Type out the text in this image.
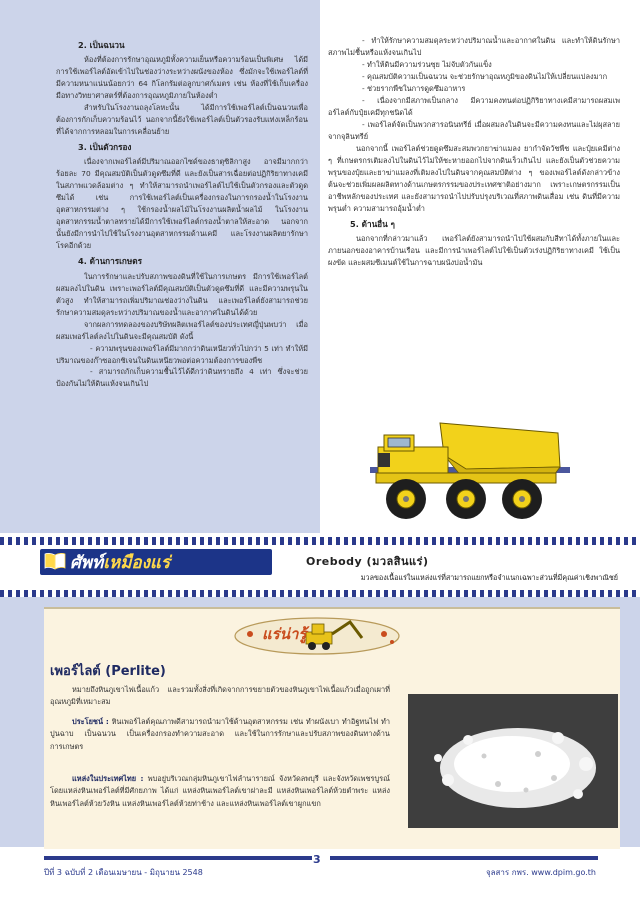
2. เป็นฉนวน

ห้องที่ต้องการรักษาอุณหภูมิทั้งความเย็นหรือความร้อนเป็นพิเศษ ได้มีการใช้เพอร์ไลต์อัดเข้าไปในช่องว่างระหว่างผนังของห้อง ซึ่งมักจะใช้เพอร์ไลต์ที่มีความหนาแน่นน้อยกว่า 64 กิโลกรัมต่อลูกบาศก์เมตร เช่น ห้องที่ใช้เก็บเครื่องมือทางวิทยาศาสตร์ที่ต้องการอุณหภูมิภายในห้องต่ำ

สำหรับในโรงงานถลุงโลหะนั้น ได้มีการใช้เพอร์ไลต์เป็นฉนวนเพื่อต้องการกักเก็บความร้อนไว้ นอกจากนี้ยังใช้เพอร์ไลต์เป็นตัวรองรับแท่งเหล็กร้อนที่ได้จากการหลอมในการเคลื่อนย้าย

3. เป็นตัวกรอง

เนื่องจากเพอร์ไลต์มีปริมาณออกไซด์ของธาตุซิลิกาสูง อาจมีมากกว่าร้อยละ 70 มีคุณสมบัติเป็นตัวดูดซึมที่ดี และยังเป็นสารเฉื่อยต่อปฏิกิริยาทางเคมีในสภาพแวดล้อมต่าง ๆ ทำให้สามารถนำเพอร์ไลต์ไปใช้เป็นตัวกรองและตัวดูดซึมได้ เช่น การใช้เพอร์ไลต์เป็นเครื่องกรองในการกรองน้ำในโรงงานอุตสาหกรรมต่าง ๆ ใช้กรองน้ำผลไม้ในโรงงานผลิตน้ำผลไม้ ในโรงงานอุตสาหกรรมน้ำตาลทรายได้มีการใช้เพอร์ไลต์กรองน้ำตาลให้สะอาด นอกจากนั้นยังมีการนำไปใช้ในโรงงานอุตสาหกรรมด้านเคมี และโรงงานผลิตยารักษาโรคอีกด้วย

4. ด้านการเกษตร

ในการรักษาและปรับสภาพของดินที่ใช้ในการเกษตร มีการใช้เพอร์ไลต์ผสมลงไปในดิน เพราะเพอร์ไลต์มีคุณสมบัติเป็นตัวดูดซึมที่ดี และมีความพรุนในตัวสูง ทำให้สามารถเพิ่มปริมาณช่องว่างในดิน และเพอร์ไลต์ยังสามารถช่วยรักษาความสมดุลระหว่างปริมาณของน้ำและอากาศในดินได้ด้วย

จากผลการทดลองของบริษัทผลิตเพอร์ไลต์ของประเทศญี่ปุ่นพบว่า เมื่อผสมเพอร์ไลต์ลงไปในดินจะมีคุณสมบัติ ดังนี้

- ความพรุนของเพอร์ไลต์มีมากกว่าดินเหนียวทั่วไปกว่า 5 เท่า ทำให้มีปริมาณของก๊าซออกซิเจนในดินเหนียวพอต่อความต้องการของพืช

- สามารถกักเก็บความชื้นไว้ได้ดีกว่าดินทรายถึง 4 เท่า ซึ่งจะช่วยป้องกันไม่ให้ดินแห้งจนเกินไป

- ทำให้รักษาความสมดุลระหว่างปริมาณน้ำและอากาศในดิน และทำให้ดินรักษาสภาพไม่ชื้นหรือแห้งจนเกินไป

- ทำให้ดินมีความร่วนซุย ไม่จับตัวกันแข็ง

- คุณสมบัติความเป็นฉนวน จะช่วยรักษาอุณหภูมิของดินไม่ให้เปลี่ยนแปลงมาก

- ช่วยรากพืชในการดูดซึมอาหาร

- เนื่องจากมีสภาพเป็นกลาง มีความคงทนต่อปฏิกิริยาทางเคมีสามารถผสมเพอร์ไลต์กับปุ๋ยเคมีทุกชนิดได้

- เพอร์ไลต์จัดเป็นพวกสารอนินทรีย์ เมื่อผสมลงในดินจะมีความคงทนและไม่ผุสลายจากจุลินทรีย์

นอกจากนี้ เพอร์ไลต์ช่วยดูดซึมสะสมพวกยาฆ่าแมลง ยากำจัดวัชพืช และปุ๋ยเคมีต่าง ๆ ที่เกษตรกรเติมลงไปในดินไว้ไม่ให้ชะหายออกไปจากดินเร็วเกินไป และยังเป็นตัวช่วยความพรุนของปุ๋ยและยาฆ่าแมลงที่เติมลงไปในดินจากคุณสมบัติต่าง ๆ ของเพอร์ไลต์ดังกล่าวข้างต้นจะช่วยเพิ่มผลผลิตทางด้านเกษตรกรรมของประเทศชาติอย่างมาก เพราะเกษตรกรรมเป็นอาชีพหลักของประเทศ และยังสามารถนำไปปรับปรุงบริเวณที่สภาพดินเสื่อม เช่น ดินที่มีความพรุนต่ำ ความสามารถอุ้มน้ำต่ำ

5. ด้านอื่น ๆ

นอกจากที่กล่าวมาแล้ว เพอร์ไลต์ยังสามารถนำไปใช้ผสมกับสีทาได้ทั้งภายในและภายนอกของอาคารบ้านเรือน และมีการนำเพอร์ไลต์ไปใช้เป็นตัวเร่งปฏิกิริยาทางเคมี ใช้เป็นผงขัด และผสมซีเมนต์ใช้ในการฉาบผนังบ่อน้ำมัน

ศัพท์เหมืองแร่	Orebody (มวลสินแร่)
มวลของเนื้อแร่ในแหล่งแร่ที่สามารถแยกหรือจำแนกเฉพาะส่วนที่มีคุณค่าเชิงพาณิชย์
แร่น่ารู้
เพอร์ไลต์ (Perlite)
หมายถึงหินภูเขาไฟเนื้อแก้ว และรวมทั้งสิ่งที่เกิดจากการขยายตัวของหินภูเขาไฟเนื้อแก้วเมื่อถูกเผาที่อุณหภูมิที่เหมาะสม
ประโยชน์ : หินเพอร์ไลต์คุณภาพดีสามารถนำมาใช้ด้านอุตสาหกรรม เช่น ทำผนังเบา ทำอิฐทนไฟ ทำปูนฉาบ เป็นฉนวน เป็นเครื่องกรองทำความสะอาด และใช้ในการรักษาและปรับสภาพของดินทางด้านการเกษตร
แหล่งในประเทศไทย : พบอยู่บริเวณกลุ่มหินภูเขาไฟลำนารายณ์ จังหวัดลพบุรี และจังหวัดเพชรบูรณ์ โดยแหล่งหินเพอร์ไลต์ที่มีศักยภาพ ได้แก่ แหล่งหินเพอร์ไลต์เขาฝาละมี แหล่งหินเพอร์ไลต์ห้วยตำพระ แหล่งหินเพอร์ไลต์ห้วยวังหิน แหล่งหินเพอร์ไลต์ห้วยท่าช้าง และแหล่งหินเพอร์ไลต์เขาผูกแขก
3
ปีที่ 3 ฉบับที่ 2 เดือนเมษายน - มิถุนายน 2548	จุลสาร กพร. www.dpim.go.th
